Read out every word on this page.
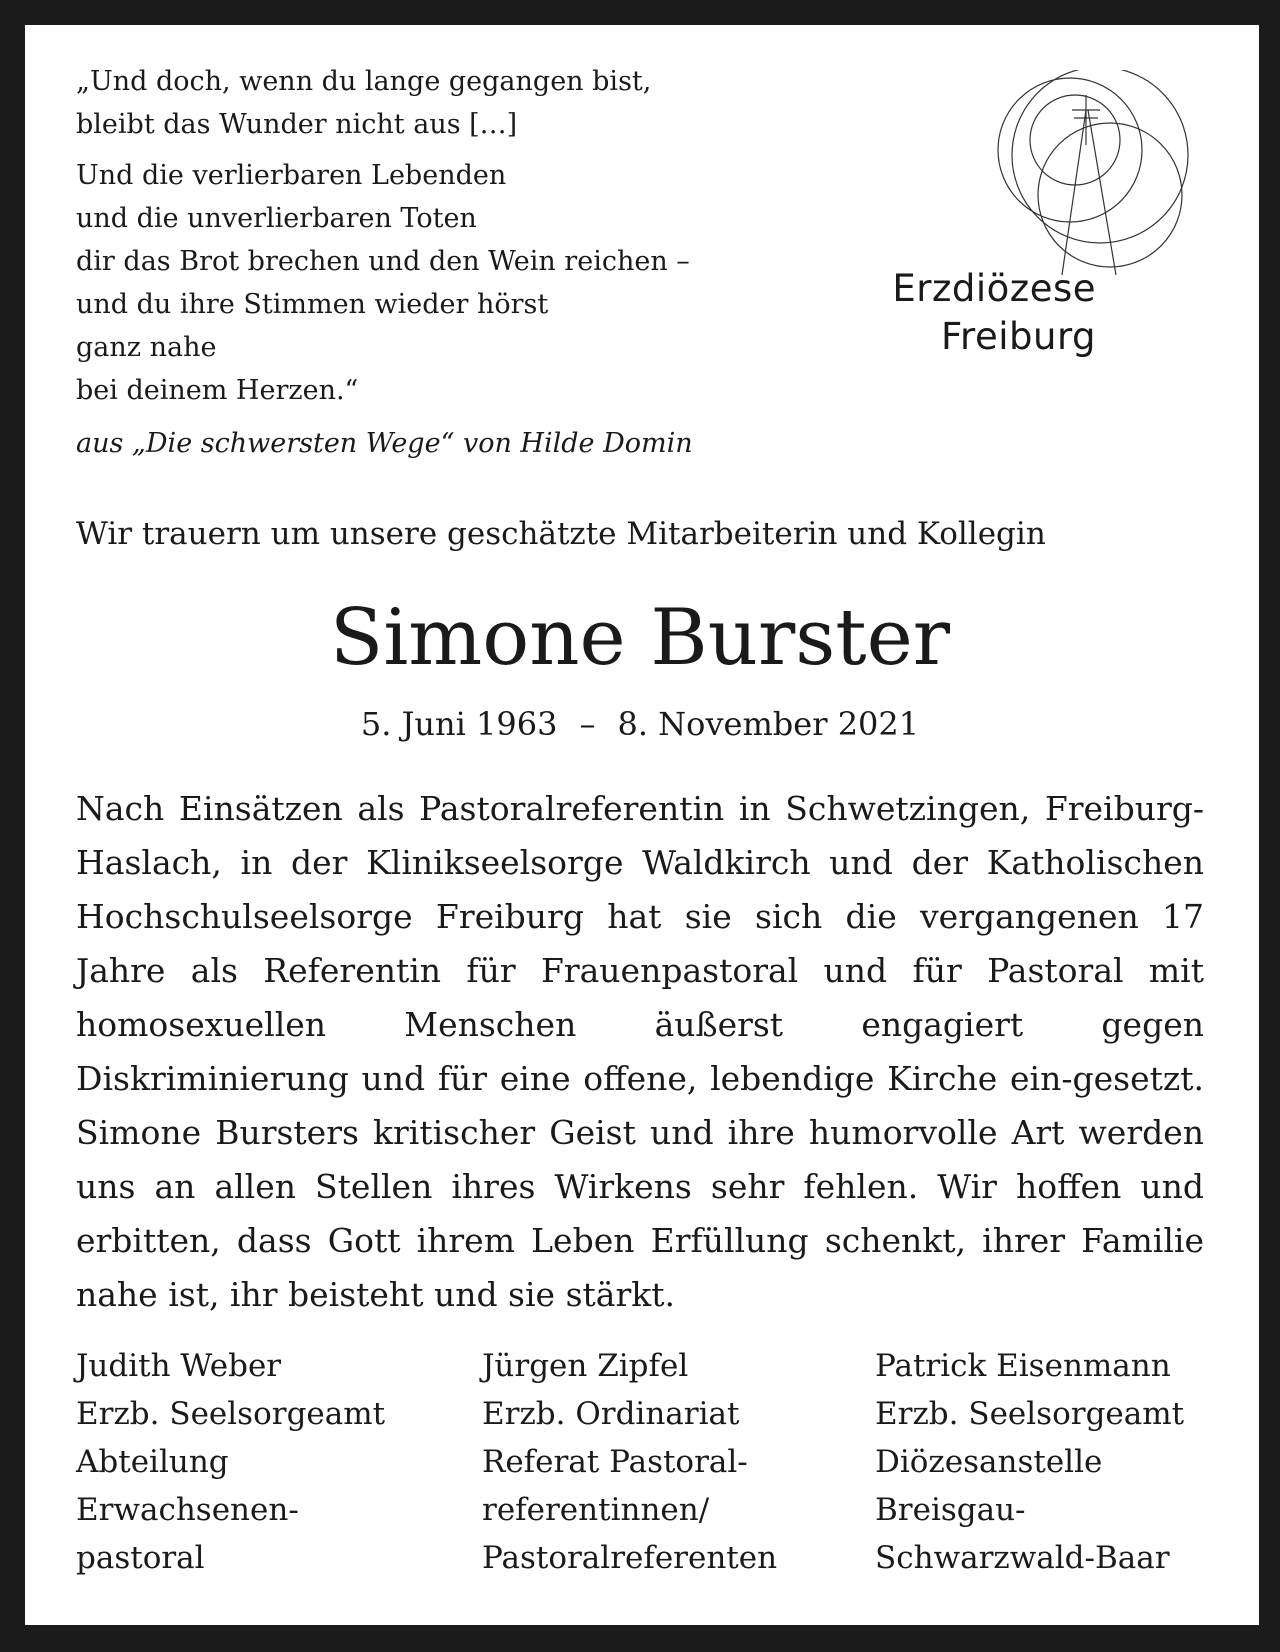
„Und doch, wenn du lange gegangen bist,

bleibt das Wunder nicht aus […]

Und die verlierbaren Lebenden

und die unverlierbaren Toten

dir das Brot brechen und den Wein reichen –

und du ihre Stimmen wieder hörst

ganz nahe

bei deinem Herzen.“

aus „Die schwersten Wege“ von Hilde Domin

Erzdiözese
Freiburg
Wir trauern um unsere geschätzte Mitarbeiterin und Kollegin
Simone Burster
5. Juni 1963 – 8. November 2021
Nach Einsätzen als Pastoralreferentin in Schwetzingen, Freiburg-Haslach, in der Klinikseelsorge Waldkirch und der Katholischen Hochschulseelsorge Freiburg hat sie sich die vergangenen 17 Jahre als Referentin für Frauenpastoral und für Pastoral mit homosexuellen Menschen äußerst engagiert gegen Diskriminierung und für eine offene, lebendige Kirche ein-gesetzt. Simone Bursters kritischer Geist und ihre humorvolle Art werden uns an allen Stellen ihres Wirkens sehr fehlen. Wir hoffen und erbitten, dass Gott ihrem Leben Erfüllung schenkt, ihrer Familie nahe ist, ihr beisteht und sie stärkt.
Judith Weber
Erzb. Seelsorgeamt
Abteilung
Erwachsenen-
pastoral
Jürgen Zipfel
Erzb. Ordinariat
Referat Pastoral-
referentinnen/
Pastoralreferenten
Patrick Eisenmann
Erzb. Seelsorgeamt
Diözesanstelle
Breisgau-
Schwarzwald-Baar
